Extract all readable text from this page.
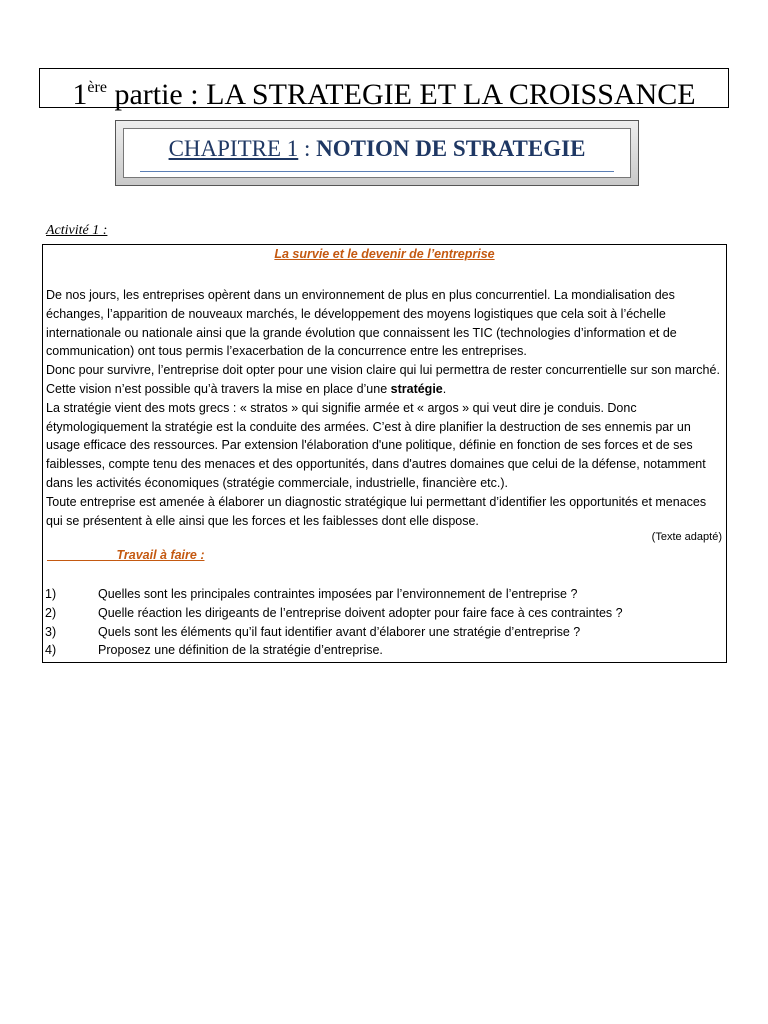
1ère partie : LA STRATEGIE ET LA CROISSANCE
CHAPITRE 1 : NOTION DE STRATEGIE
Activité 1 :
La survie et le devenir de l’entreprise

De nos jours, les entreprises opèrent dans un environnement de plus en plus concurrentiel. La mondialisation des échanges, l’apparition de nouveaux marchés, le développement des moyens logistiques que cela soit à l’échelle internationale ou nationale ainsi que la grande évolution que connaissent les TIC (technologies d’information et de communication) ont tous permis l’exacerbation de la concurrence entre les entreprises.

Donc pour survivre, l’entreprise doit opter pour une vision claire qui lui permettra de rester concurrentielle sur son marché. Cette vision n’est possible qu’à travers la mise en place d’une stratégie.

La stratégie vient des mots grecs : « stratos » qui signifie armée et « argos » qui veut dire je conduis. Donc étymologiquement la stratégie est la conduite des armées. C’est à dire planifier la destruction de ses ennemis par un usage efficace des ressources. Par extension l'élaboration d'une politique, définie en fonction de ses forces et de ses faiblesses, compte tenu des menaces et des opportunités, dans d'autres domaines que celui de la défense, notamment dans les activités économiques (stratégie commerciale, industrielle, financière etc.).

Toute entreprise est amenée à élaborer un diagnostic stratégique lui permettant d’identifier les opportunités et menaces qui se présentent à elle ainsi que les forces et les faiblesses dont elle dispose.

(Texte adapté)
Travail à faire :
1)	Quelles sont les principales contraintes imposées par l’environnement de l’entreprise ?
2)	Quelle réaction les dirigeants de l’entreprise doivent adopter pour faire face à ces contraintes ?
3)	Quels sont les éléments qu’il faut identifier avant d’élaborer une stratégie d’entreprise ?
4)	Proposez une définition de la stratégie d’entreprise.
